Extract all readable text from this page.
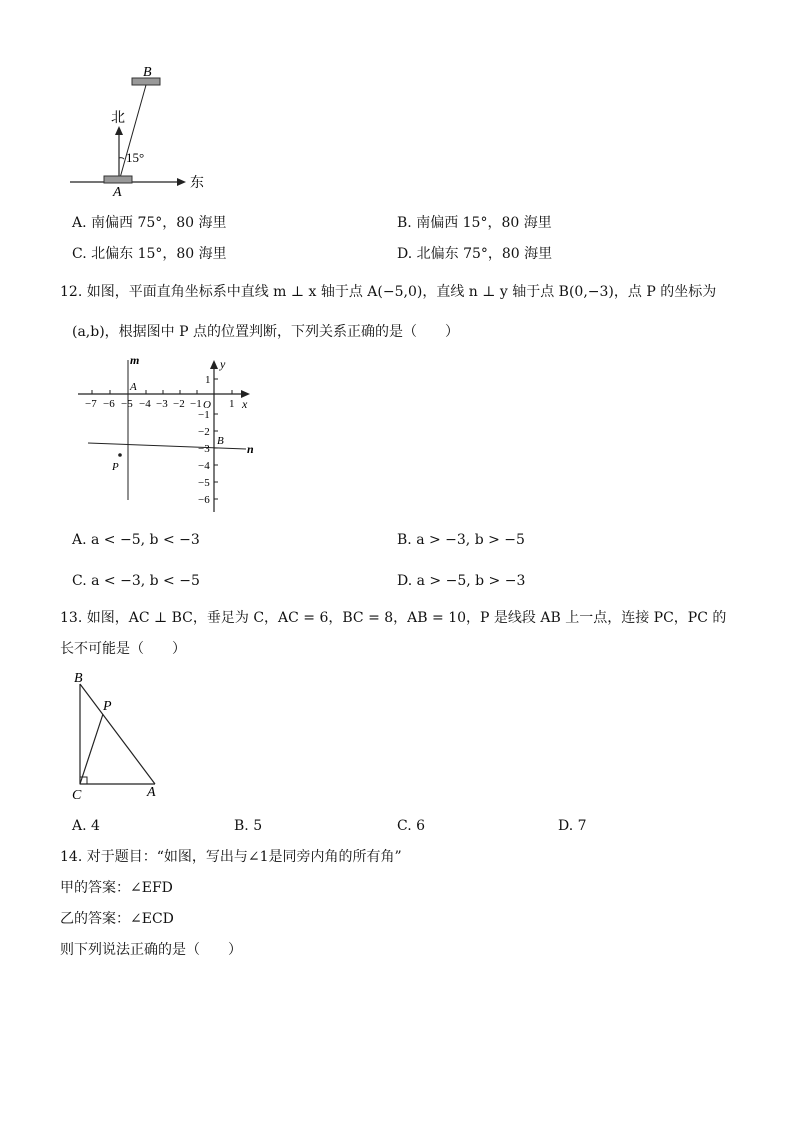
B
北
15°
A
东
A. 南偏西 75°，80 海里	B. 南偏西 15°，80 海里
C. 北偏东 15°，80 海里	D. 北偏东 75°，80 海里
12. 如图，平面直角坐标系中直线 m ⊥ x 轴于点 A(−5,0)，直线 n ⊥ y 轴于点 B(0,−3)，点 P 的坐标为
(a,b)，根据图中 P 点的位置判断，下列关系正确的是（　　）
−7 −6 −5 −4 −3 −2 −1 1
1
−1
−2
−3
−4
−5
−6
m	y
A
O	x
B
n
P
A. a < −5, b < −3	B. a > −3, b > −5
C. a < −3, b < −5	D. a > −5, b > −3
13. 如图，AC ⊥ BC，垂足为 C，AC = 6，BC = 8，AB = 10，P 是线段 AB 上一点，连接 PC，PC 的
长不可能是（　　）
B
P
C	A
A. 4	B. 5	C. 6	D. 7
14. 对于题目：“如图，写出与∠1是同旁内角的所有角”
甲的答案：∠EFD
乙的答案：∠ECD
则下列说法正确的是（　　）
